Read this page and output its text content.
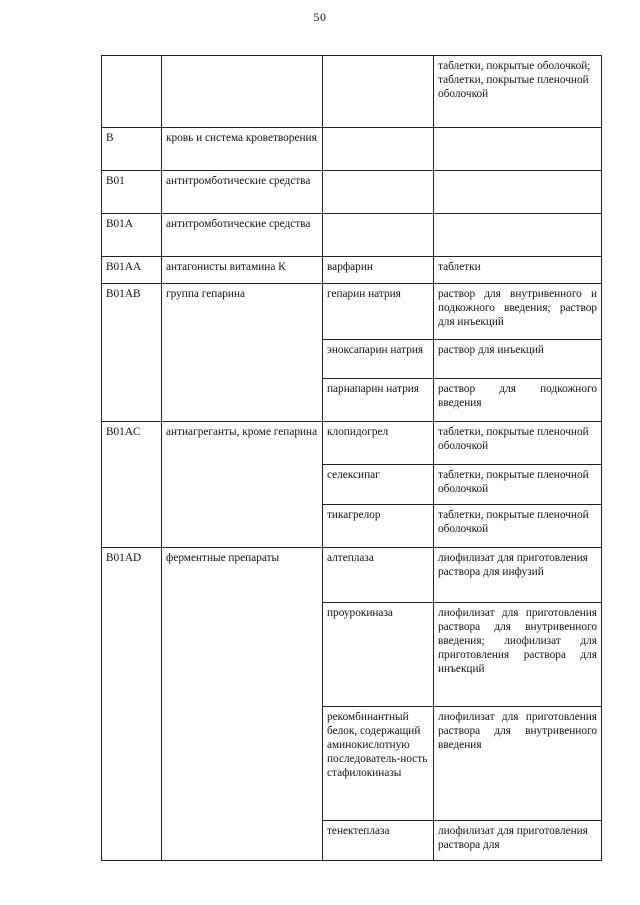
50
			таблетки, покрытые оболочкой; таблетки, покрытые пленочной оболочкой
B	кровь и система кроветворения		
B01	антитромботические средства		
B01A	антитромботические средства		
B01AA	антагонисты витамина К	варфарин	таблетки
B01AB	группа гепарина	гепарин натрия	раствор для внутривенного и подкожного введения; раствор для инъекций
		эноксапарин натрия	раствор для инъекций
		парнапарин натрия	раствор для подкожного введения
B01AC	антиагреганты, кроме гепарина	клопидогрел	таблетки, покрытые пленочной оболочкой
		селексипаг	таблетки, покрытые пленочной оболочкой
		тикагрелор	таблетки, покрытые пленочной оболочкой
B01AD	ферментные препараты	алтеплаза	лиофилизат для приготовления раствора для инфузий
		проурокиназа	лиофилизат для приготовления раствора для внутривенного введения; лиофилизат для приготовления раствора для инъекций
		рекомбинантный белок, содержащий аминокислотную последователь-ность стафилокиназы	лиофилизат для приготовления раствора для внутривенного введения
		тенектеплаза	лиофилизат для приготовления раствора для
